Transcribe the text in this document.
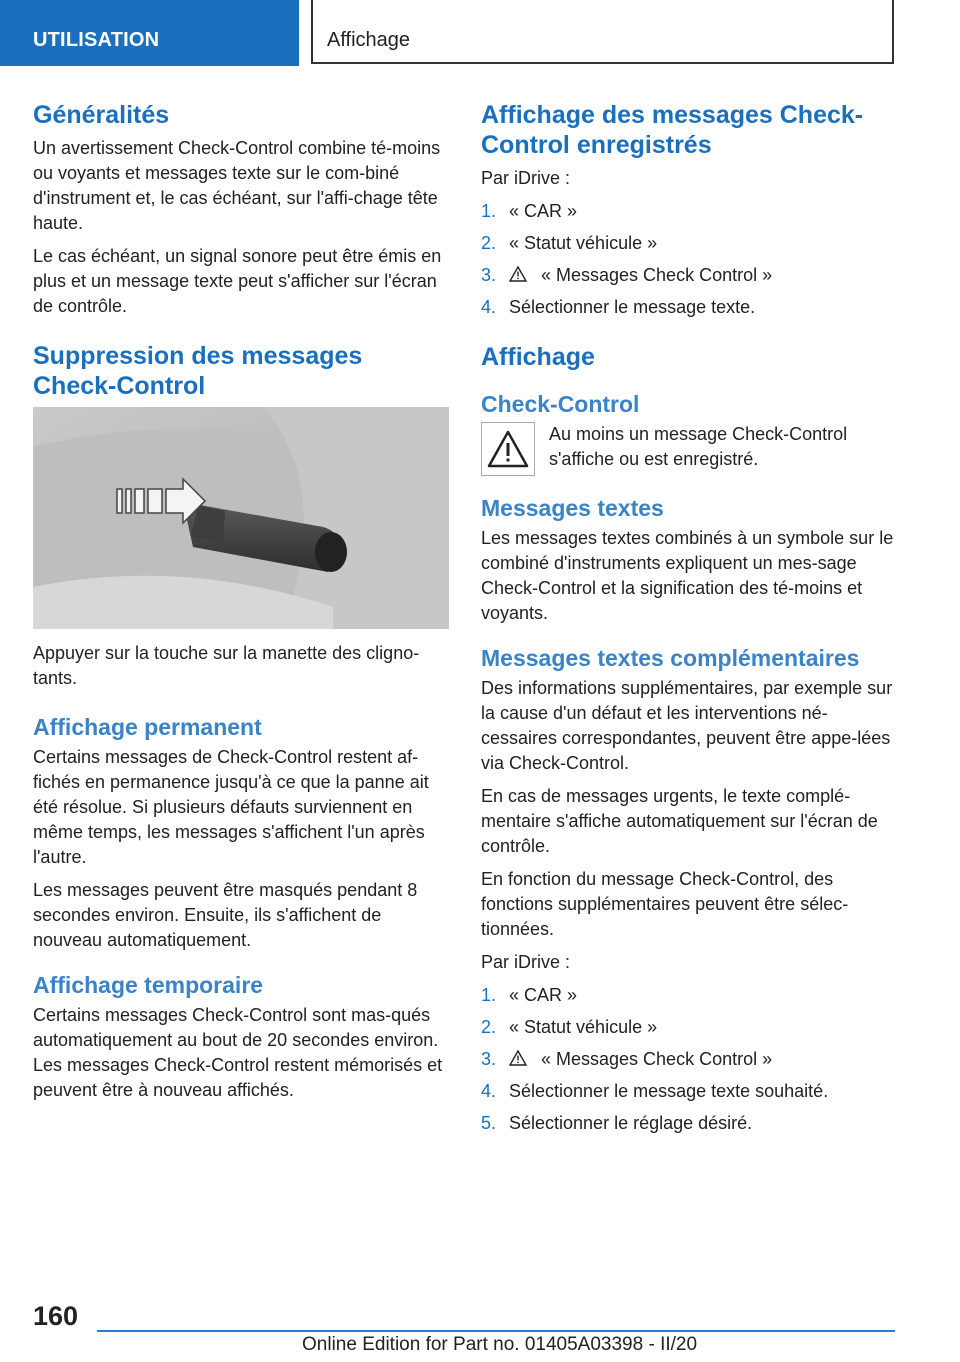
UTILISATION	Affichage
Généralités

Un avertissement Check-Control combine té-moins ou voyants et messages texte sur le com-biné d'instrument et, le cas échéant, sur l'affi-chage tête haute.

Le cas échéant, un signal sonore peut être émis en plus et un message texte peut s'afficher sur l'écran de contrôle.

Suppression des messages Check-Control

Appuyer sur la touche sur la manette des cligno-tants.

Affichage permanent

Certains messages de Check-Control restent af-fichés en permanence jusqu'à ce que la panne ait été résolue. Si plusieurs défauts surviennent en même temps, les messages s'affichent l'un après l'autre.

Les messages peuvent être masqués pendant 8 secondes environ. Ensuite, ils s'affichent de nouveau automatiquement.

Affichage temporaire

Certains messages Check-Control sont mas-qués automatiquement au bout de 20 secondes environ. Les messages Check-Control restent mémorisés et peuvent être à nouveau affichés.

Affichage des messages Check-Control enregistrés

Par iDrive :

1. « CAR »
2. « Statut véhicule »
3. « Messages Check Control »
4. Sélectionner le message texte.
Affichage
Check-Control

Au moins un message Check-Control s'affiche ou est enregistré.

Messages textes

Les messages textes combinés à un symbole sur le combiné d'instruments expliquent un mes-sage Check-Control et la signification des té-moins et voyants.

Messages textes complémentaires

Des informations supplémentaires, par exemple sur la cause d'un défaut et les interventions né-cessaires correspondantes, peuvent être appe-lées via Check-Control.

En cas de messages urgents, le texte complé-mentaire s'affiche automatiquement sur l'écran de contrôle.

En fonction du message Check-Control, des fonctions supplémentaires peuvent être sélec-tionnées.

Par iDrive :

1. « CAR »
2. « Statut véhicule »
3. « Messages Check Control »
4. Sélectionner le message texte souhaité.
5. Sélectionner le réglage désiré.
160
Online Edition for Part no. 01405A03398 - II/20
